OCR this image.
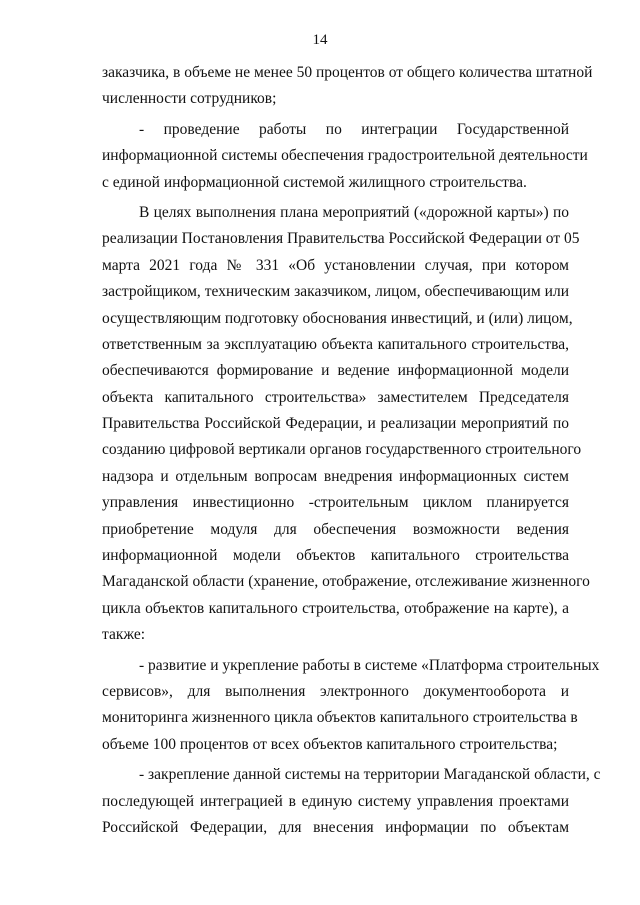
14
заказчика, в объеме не менее 50 процентов от общего количества штатной
численности сотрудников;
- проведение работы по интеграции Государственной
информационной системы обеспечения градостроительной деятельности
с единой информационной системой жилищного строительства.
В целях выполнения плана мероприятий («дорожной карты») по
реализации Постановления Правительства Российской Федерации от 05
марта 2021 года № 331 «Об установлении случая, при котором
застройщиком, техническим заказчиком, лицом, обеспечивающим или
осуществляющим подготовку обоснования инвестиций, и (или) лицом,
ответственным за эксплуатацию объекта капитального строительства,
обеспечиваются формирование и ведение информационной модели
объекта капитального строительства» заместителем Председателя
Правительства Российской Федерации, и реализации мероприятий по
созданию цифровой вертикали органов государственного строительного
надзора и отдельным вопросам внедрения информационных систем
управления инвестиционно -строительным циклом планируется
приобретение модуля для обеспечения возможности ведения
информационной модели объектов капитального строительства
Магаданской области (хранение, отображение, отслеживание жизненного
цикла объектов капитального строительства, отображение на карте), а
также:
- развитие и укрепление работы в системе «Платформа строительных
сервисов», для выполнения электронного документооборота и
мониторинга жизненного цикла объектов капитального строительства в
объеме 100 процентов от всех объектов капитального строительства;
- закрепление данной системы на территории Магаданской области, с
последующей интеграцией в единую систему управления проектами
Российской Федерации, для внесения информации по объектам
